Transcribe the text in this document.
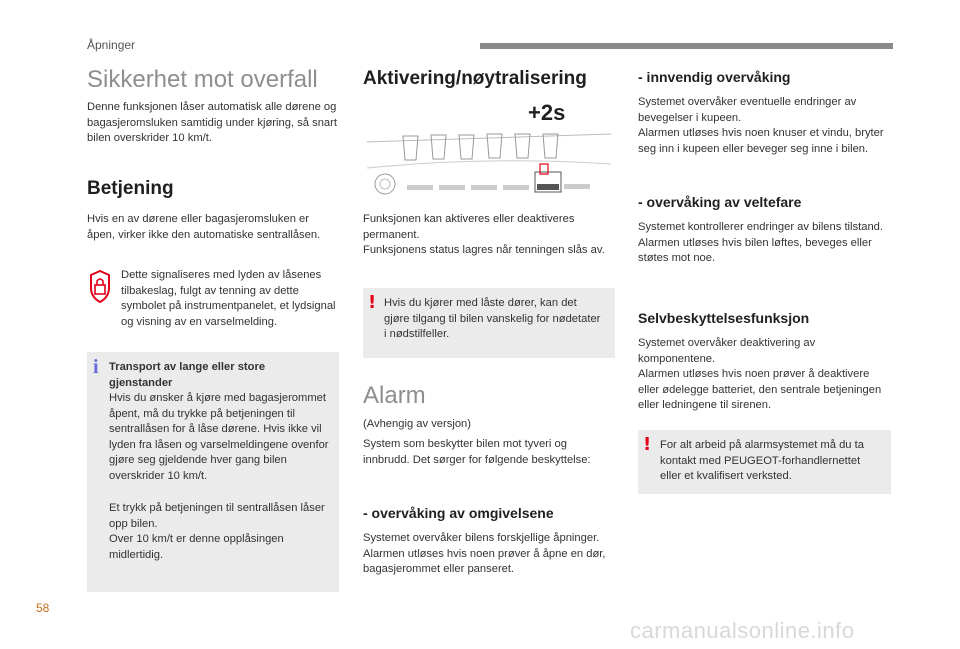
Åpninger
Sikkerhet mot overfall

Denne funksjonen låser automatisk alle dørene og bagasjeromsluken samtidig under kjøring, så snart bilen overskrider 10 km/t.

Betjening

Hvis en av dørene eller bagasjeromsluken er åpen, virker ikke den automatiske sentrallåsen.

Dette signaliseres med lyden av låsenes tilbakeslag, fulgt av tenning av dette symbolet på instrumentpanelet, et lydsignal og visning av en varselmelding.

i Transport av lange eller store gjenstander

Hvis du ønsker å kjøre med bagasjerommet åpent, må du trykke på betjeningen til sentrallåsen for å låse dørene. Hvis ikke vil lyden fra låsen og varselmeldingene ovenfor gjøre seg gjeldende hver gang bilen overskrider 10 km/t.

Et trykk på betjeningen til sentrallåsen låser opp bilen.

Over 10 km/t er denne opplåsingen midlertidig.

Aktivering/nøytralisering
+2s

Funksjonen kan aktiveres eller deaktiveres permanent.
Funksjonens status lagres når tenningen slås av.

! Hvis du kjører med låste dører, kan det gjøre tilgang til bilen vanskelig for nødetater i nødstilfeller.

Alarm

(Avhengig av versjon)

System som beskytter bilen mot tyveri og innbrudd. Det sørger for følgende beskyttelse:

- overvåking av omgivelsene

Systemet overvåker bilens forskjellige åpninger.
Alarmen utløses hvis noen prøver å åpne en dør, bagasjerommet eller panseret.

- innvendig overvåking

Systemet overvåker eventuelle endringer av bevegelser i kupeen.
Alarmen utløses hvis noen knuser et vindu, bryter seg inn i kupeen eller beveger seg inne i bilen.

- overvåking av veltefare

Systemet kontrollerer endringer av bilens tilstand.
Alarmen utløses hvis bilen løftes, beveges eller støtes mot noe.

Selvbeskyttelsesfunksjon

Systemet overvåker deaktivering av komponentene.
Alarmen utløses hvis noen prøver å deaktivere eller ødelegge batteriet, den sentrale betjeningen eller ledningene til sirenen.

! For alt arbeid på alarmsystemet må du ta kontakt med PEUGEOT-forhandlernettet eller et kvalifisert verksted.

58
carmanualsonline.info
